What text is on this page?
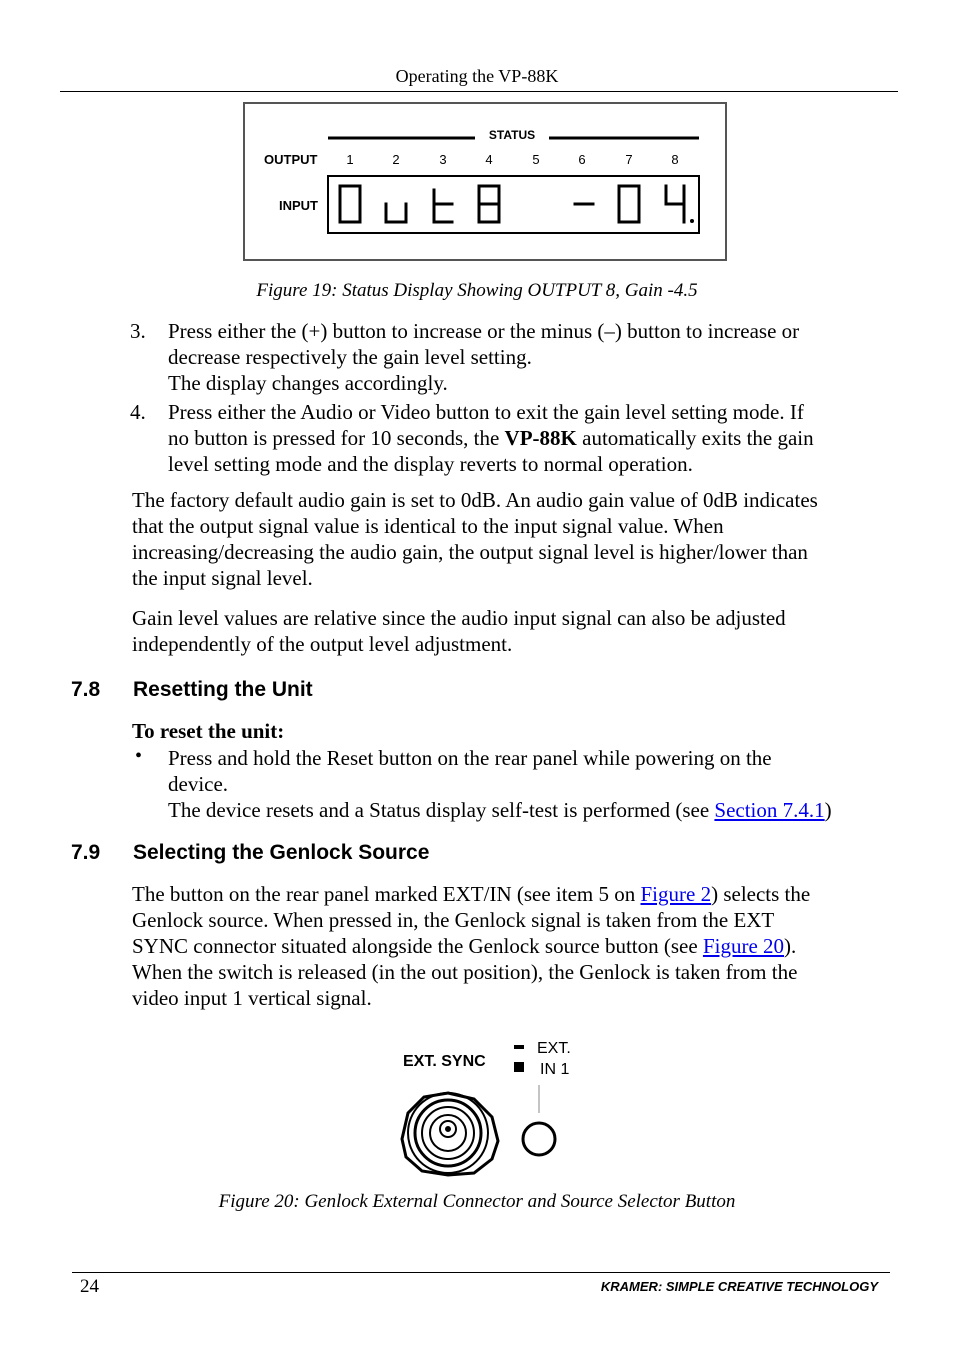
Operating the VP-88K
STATUS
OUTPUT
INPUT
1	2	3	4	5	6	7	8
Figure 19: Status Display Showing OUTPUT 8, Gain -4.5
3. Press either the (+) button to increase or the minus (–) button to increase or
decrease respectively the gain level setting.
The display changes accordingly.
4. Press either the Audio or Video button to exit the gain level setting mode. If
no button is pressed for 10 seconds, the VP-88K automatically exits the gain
level setting mode and the display reverts to normal operation.
The factory default audio gain is set to 0dB. An audio gain value of 0dB indicates
that the output signal value is identical to the input signal value. When
increasing/decreasing the audio gain, the output signal level is higher/lower than
the input signal level.
Gain level values are relative since the audio input signal can also be adjusted
independently of the output level adjustment.
7.8 Resetting the Unit
To reset the unit:
• Press and hold the Reset button on the rear panel while powering on the
device.
The device resets and a Status display self-test is performed (see Section 7.4.1)
7.9 Selecting the Genlock Source
The button on the rear panel marked EXT/IN (see item 5 on Figure 2) selects the
Genlock source. When pressed in, the Genlock signal is taken from the EXT
SYNC connector situated alongside the Genlock source button (see Figure 20).
When the switch is released (in the out position), the Genlock is taken from the
video input 1 vertical signal.
EXT. SYNC
EXT.
IN 1
Figure 20: Genlock External Connector and Source Selector Button
24	KRAMER: SIMPLE CREATIVE TECHNOLOGY
